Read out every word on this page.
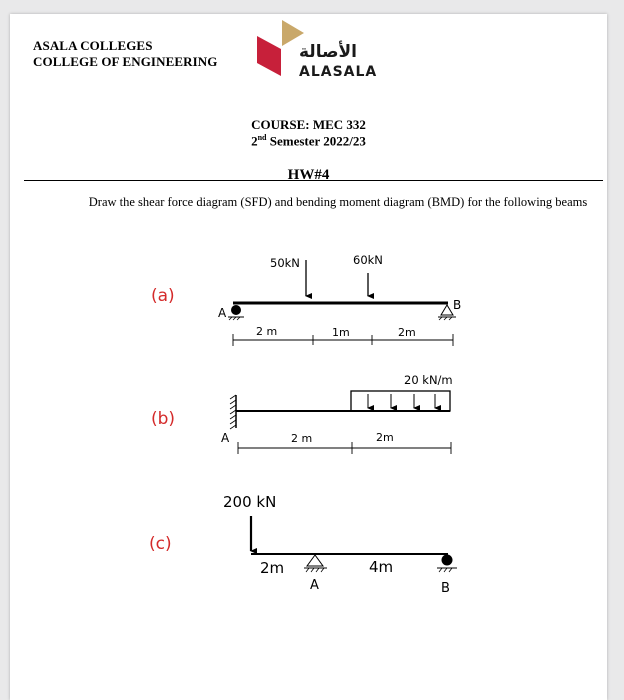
ASALA COLLEGES
COLLEGE OF ENGINEERING	الأصالة
ALASALA
COURSE: MEC 332
2nd Semester 2022/23
HW#4
Draw the shear force diagram (SFD) and bending moment diagram (BMD) for the following beams
(a)
50kN	60kN
A
B
2 m	1m	2m
(b)
A
20 kN/m
2 m	2m
(c)
200 kN
A	B
2m	4m
